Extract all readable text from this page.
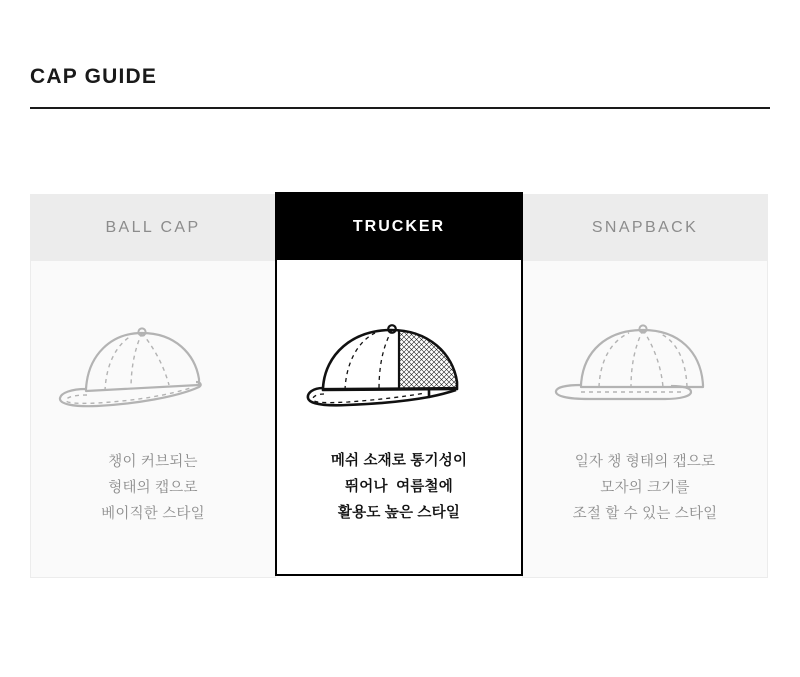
CAP GUIDE
BALL CAP
챙이 커브되는
형태의 캡으로
베이직한 스타일
TRUCKER
메쉬 소재로 통기성이
뛰어나  여름철에
활용도 높은 스타일
SNAPBACK
일자 챙 형태의 캡으로
모자의 크기를
조절 할 수 있는 스타일
